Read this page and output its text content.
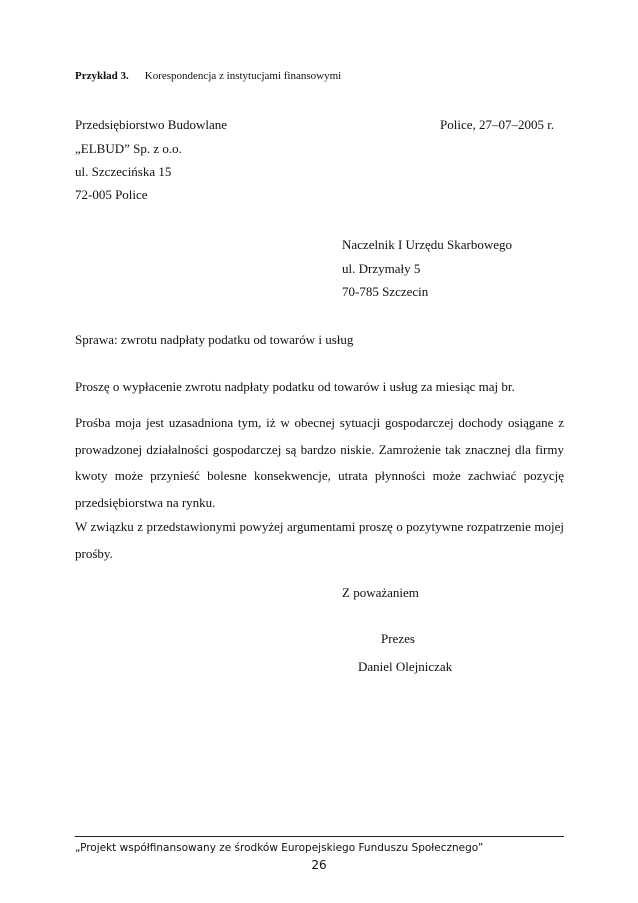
Przykład 3. Korespondencja z instytucjami finansowymi
Przedsiębiorstwo Budowlane	Police, 27–07–2005 r.
„ELBUD” Sp. z o.o.
ul. Szczecińska 15
72-005 Police
Naczelnik I Urzędu Skarbowego
ul. Drzymały 5
70-785 Szczecin
Sprawa: zwrotu nadpłaty podatku od towarów i usług
Proszę o wypłacenie zwrotu nadpłaty podatku od towarów i usług za miesiąc maj br.
Prośba moja jest uzasadniona tym, iż w obecnej sytuacji gospodarczej dochody osiągane z prowadzonej działalności gospodarczej są bardzo niskie. Zamrożenie tak znacznej dla firmy kwoty może przynieść bolesne konsekwencje, utrata płynności może zachwiać pozycję przedsiębiorstwa na rynku.
W związku z przedstawionymi powyżej argumentami proszę o pozytywne rozpatrzenie mojej prośby.
Z poważaniem
Prezes
Daniel Olejniczak
„Projekt współfinansowany ze środków Europejskiego Funduszu Społecznego”
26
